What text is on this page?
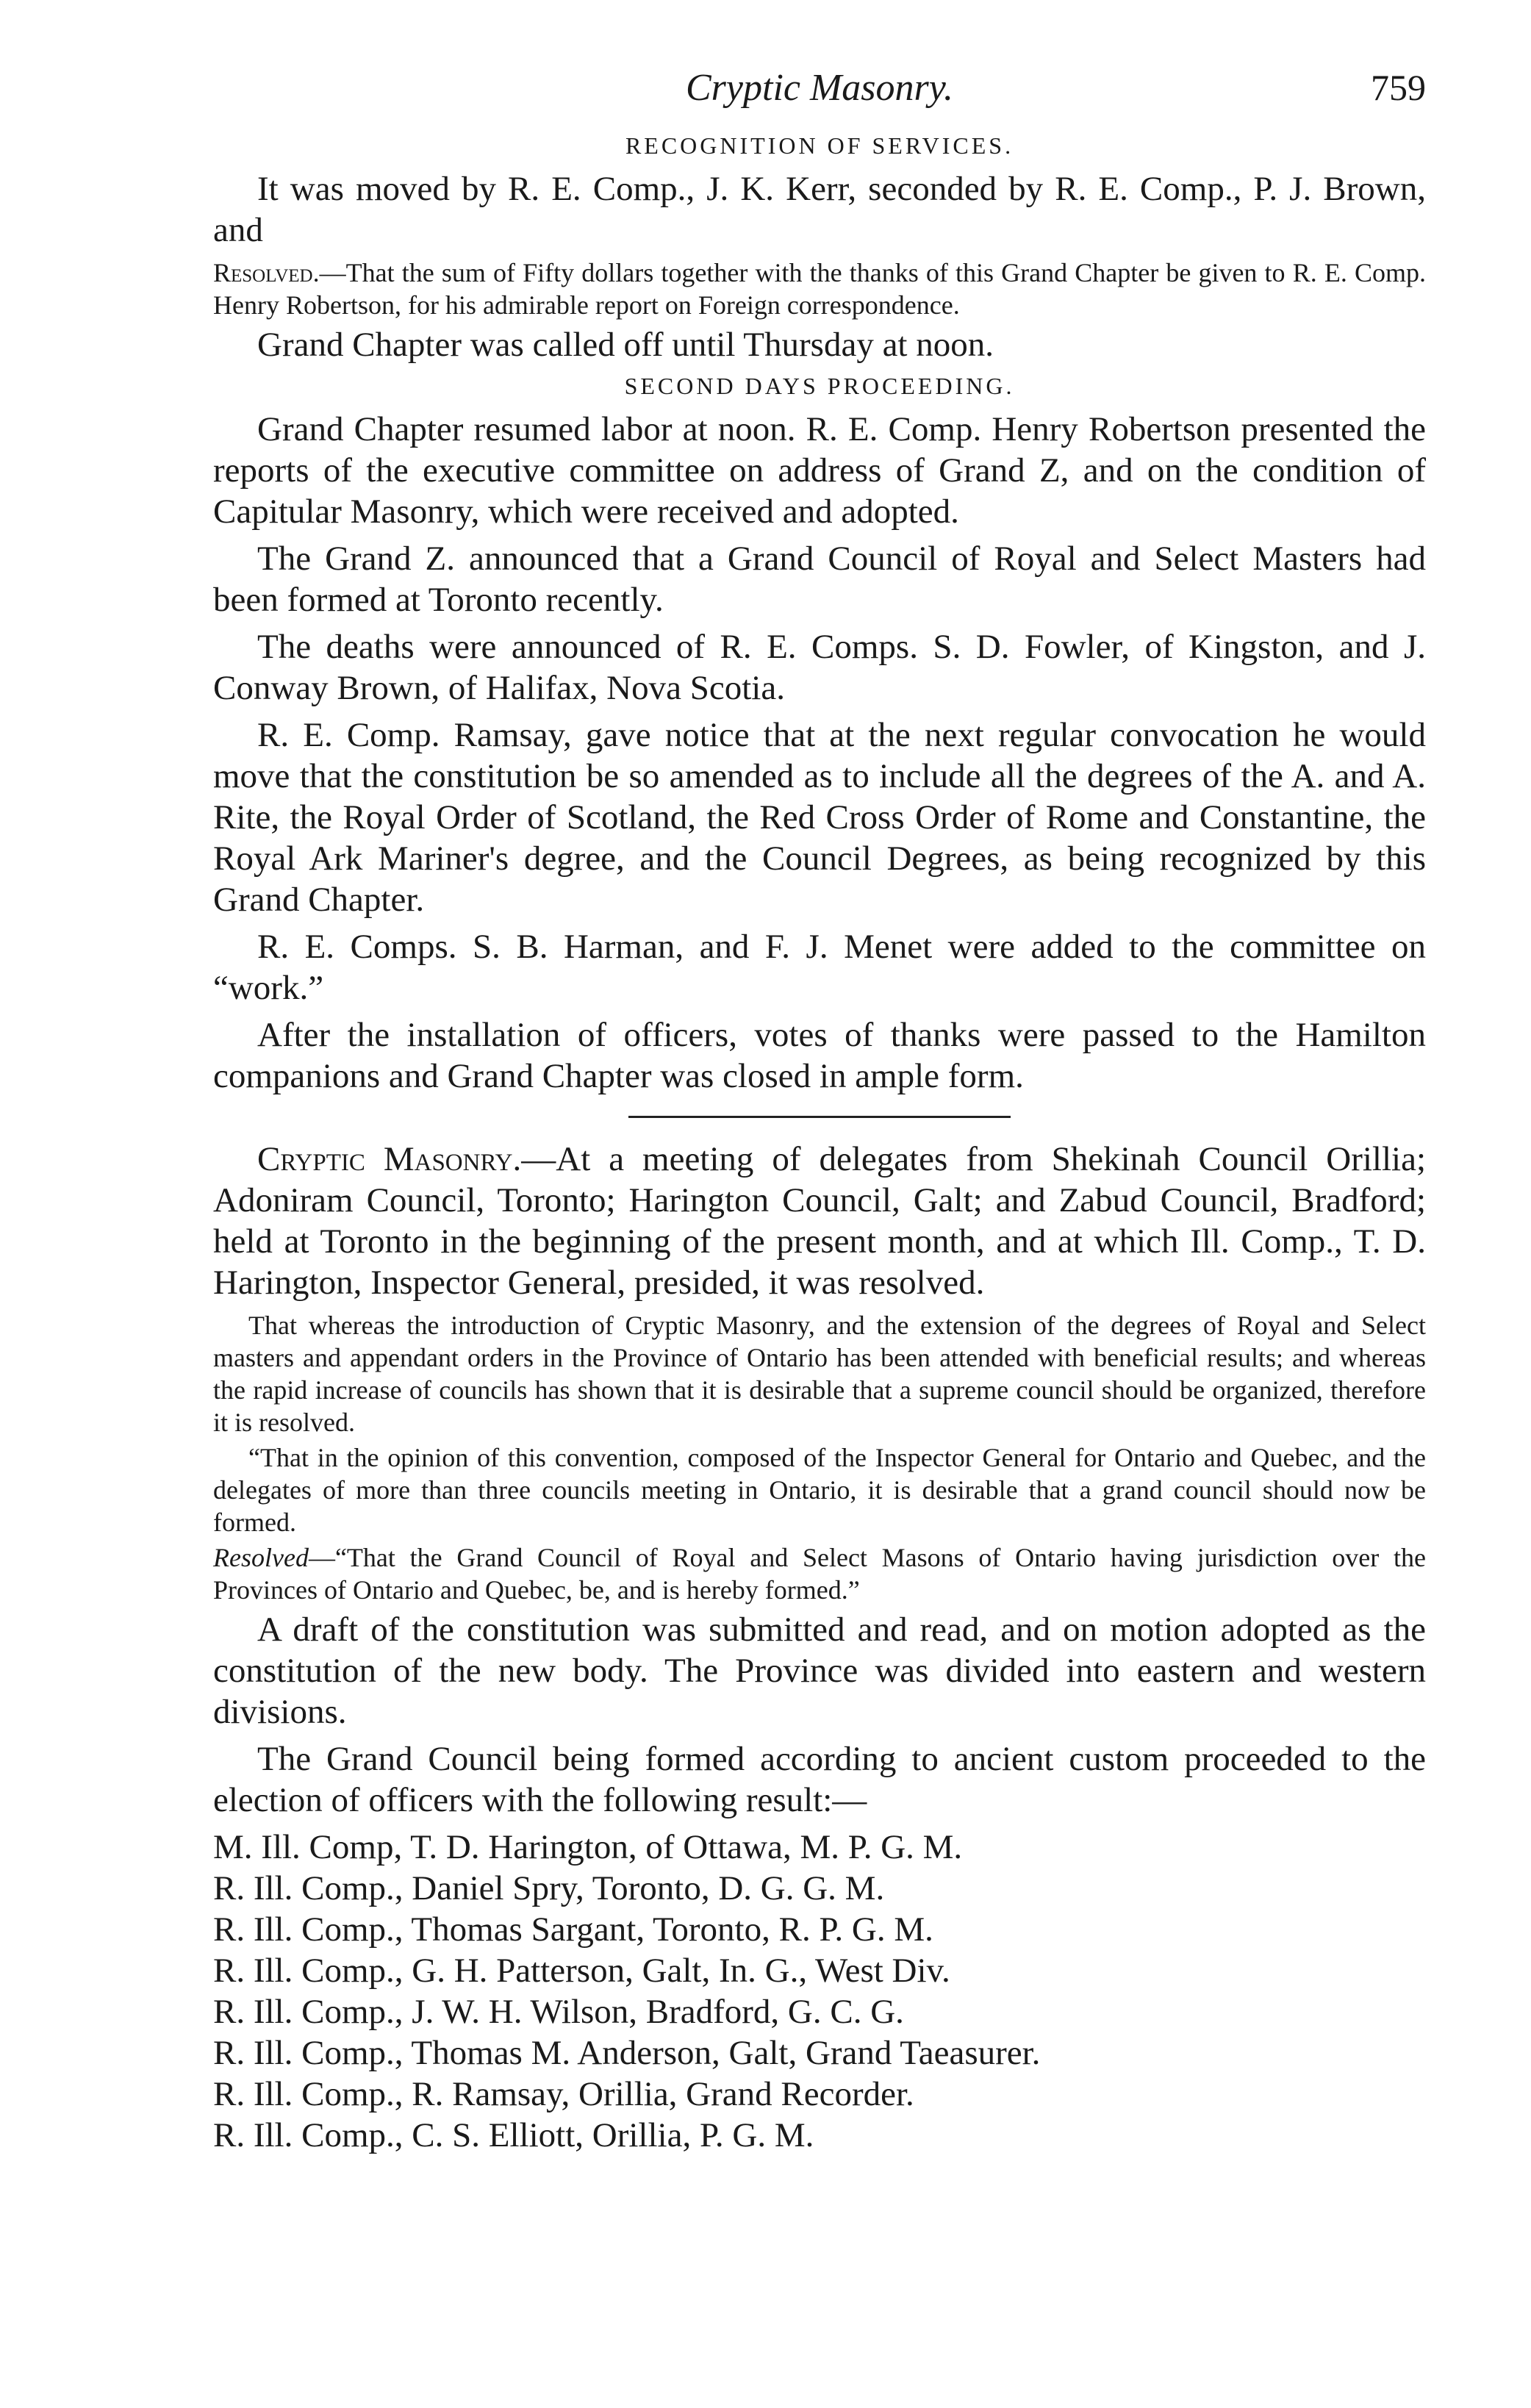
Cryptic Masonry.	759
RECOGNITION OF SERVICES.

It was moved by R. E. Comp., J. K. Kerr, seconded by R. E. Comp., P. J. Brown, and

Resolved.—That the sum of Fifty dollars together with the thanks of this Grand Chapter be given to R. E. Comp. Henry Robertson, for his admirable report on Foreign correspondence.

Grand Chapter was called off until Thursday at noon.

SECOND DAYS PROCEEDING.

Grand Chapter resumed labor at noon. R. E. Comp. Henry Robertson presented the reports of the executive committee on address of Grand Z, and on the condition of Capitular Masonry, which were received and adopted.

The Grand Z. announced that a Grand Council of Royal and Select Masters had been formed at Toronto recently.

The deaths were announced of R. E. Comps. S. D. Fowler, of Kingston, and J. Conway Brown, of Halifax, Nova Scotia.

R. E. Comp. Ramsay, gave notice that at the next regular convocation he would move that the constitution be so amended as to include all the degrees of the A. and A. Rite, the Royal Order of Scotland, the Red Cross Order of Rome and Constantine, the Royal Ark Mariner's degree, and the Council Degrees, as being recognized by this Grand Chapter.

R. E. Comps. S. B. Harman, and F. J. Menet were added to the committee on “work.”

After the installation of officers, votes of thanks were passed to the Hamilton companions and Grand Chapter was closed in ample form.

Cryptic Masonry.—At a meeting of delegates from Shekinah Council Orillia; Adoniram Council, Toronto; Harington Council, Galt; and Zabud Council, Bradford; held at Toronto in the beginning of the present month, and at which Ill. Comp., T. D. Harington, Inspector General, presided, it was resolved.

That whereas the introduction of Cryptic Masonry, and the extension of the degrees of Royal and Select masters and appendant orders in the Province of Ontario has been attended with beneficial results; and whereas the rapid increase of councils has shown that it is desirable that a supreme council should be organized, therefore it is resolved.

“That in the opinion of this convention, composed of the Inspector General for Ontario and Quebec, and the delegates of more than three councils meeting in Ontario, it is desirable that a grand council should now be formed.

Resolved—“That the Grand Council of Royal and Select Masons of Ontario having jurisdiction over the Provinces of Ontario and Quebec, be, and is hereby formed.”

A draft of the constitution was submitted and read, and on motion adopted as the constitution of the new body. The Province was divided into eastern and western divisions.

The Grand Council being formed according to ancient custom proceeded to the election of officers with the following result:—

M. Ill. Comp, T. D. Harington, of Ottawa, M. P. G. M.

R. Ill. Comp., Daniel Spry, Toronto, D. G. G. M.

R. Ill. Comp., Thomas Sargant, Toronto, R. P. G. M.

R. Ill. Comp., G. H. Patterson, Galt, In. G., West Div.

R. Ill. Comp., J. W. H. Wilson, Bradford, G. C. G.

R. Ill. Comp., Thomas M. Anderson, Galt, Grand Taeasurer.

R. Ill. Comp., R. Ramsay, Orillia, Grand Recorder.

R. Ill. Comp., C. S. Elliott, Orillia, P. G. M.
